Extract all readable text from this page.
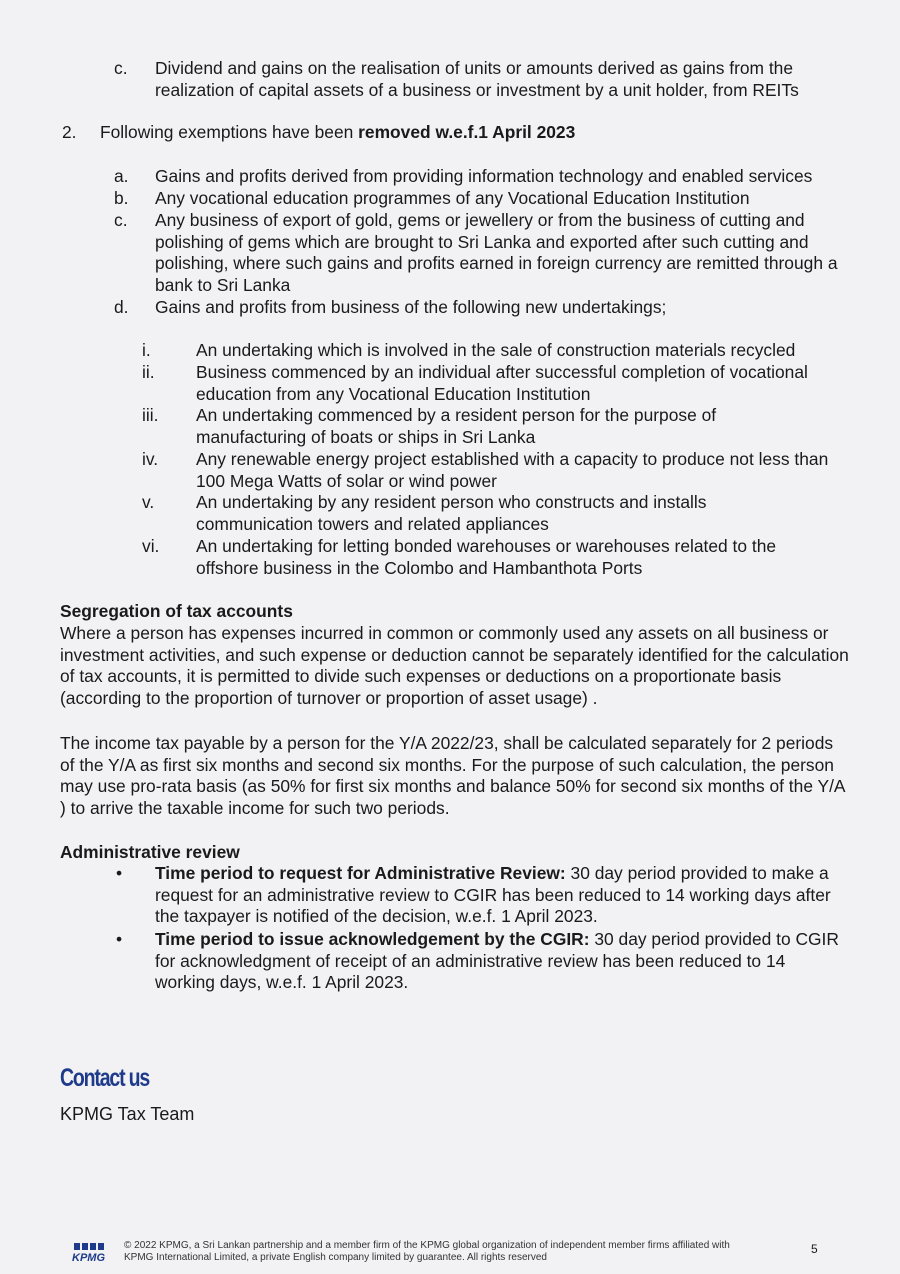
c. Dividend and gains on the realisation of units or amounts derived as gains from the realization of capital assets of a business or investment by a unit holder, from REITs
2. Following exemptions have been removed w.e.f.1 April 2023
a. Gains and profits derived from providing information technology and enabled services
b. Any vocational education programmes of any Vocational Education Institution
c. Any business of export of gold, gems or jewellery or from the business of cutting and polishing of gems which are brought to Sri Lanka and exported after such cutting and polishing, where such gains and profits earned in foreign currency are remitted through a bank to Sri Lanka
d. Gains and profits from business of the following new undertakings;
i.	An undertaking which is involved in the sale of construction materials recycled
ii. Business commenced by an individual after successful completion of vocational education from any Vocational Education Institution
iii. An undertaking commenced by a resident person for the purpose of manufacturing of boats or ships in Sri Lanka
iv. Any renewable energy project established with a capacity to produce not less than 100 Mega Watts of solar or wind power
v. An undertaking by any resident person who constructs and installs communication towers and related appliances
vi. An undertaking for letting bonded warehouses or warehouses related to the offshore business in the Colombo and Hambanthota Ports
Segregation of tax accounts
Where a person has expenses incurred in common or commonly used any assets on all business or investment activities, and such expense or deduction cannot be separately identified for the calculation of tax accounts, it is permitted to divide such expenses or deductions on a proportionate basis (according to the proportion of turnover or proportion of asset usage) .
The income tax payable by a person for the Y/A 2022/23, shall be calculated separately for 2 periods of the Y/A as first six months and second six months. For the purpose of such calculation, the person may use pro-rata basis (as 50% for first six months and balance 50% for second six months of the Y/A ) to arrive the taxable income for such two periods.
Administrative review
• Time period to request for Administrative Review: 30 day period provided to make a request for an administrative review to CGIR has been reduced to 14 working days after the taxpayer is notified of the decision, w.e.f. 1 April 2023.
• Time period to issue acknowledgement by the CGIR: 30 day period provided to CGIR for acknowledgment of receipt of an administrative review has been reduced to 14 working days, w.e.f. 1 April 2023.
Contact us
KPMG Tax Team
KPMG
© 2022 KPMG, a Sri Lankan partnership and a member firm of the KPMG global organization of independent member firms affiliated with
KPMG International Limited, a private English company limited by guarantee. All rights reserved
5
